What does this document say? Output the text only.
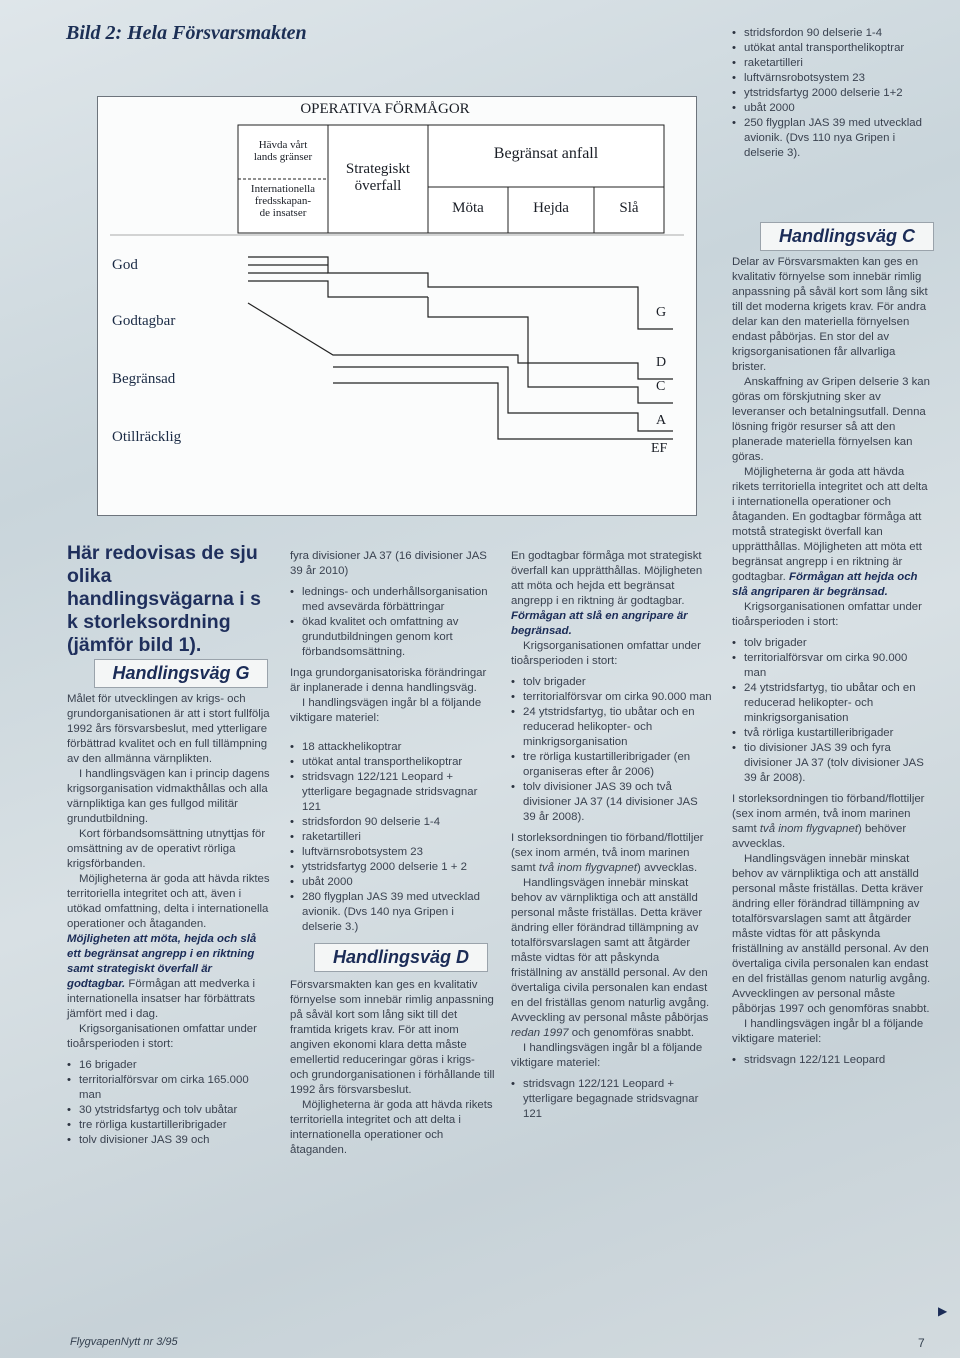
Bild 2: Hela Försvarsmakten
OPERATIVA FÖRMÅGOR
Hävda vårt
lands gränser
Internationella
fredsskapan-
de insatser
Strategiskt
överfall
Begränsat anfall
Möta	Hejda	Slå
God
Godtagbar
Begränsad
Otillräcklig
G
D
C
A
EF
Här redovisas de sju olika handlingsvägarna i s k storleksordning (jämför bild 1).
Handlingsväg G

Målet för utvecklingen av krigs- och grundorganisationen är att i stort fullfölja 1992 års försvarsbeslut, med ytterligare förbättrad kvalitet och en full tillämpning av den allmänna värnplikten.

I handlingsvägen kan i princip dagens krigsorganisation vidmakthållas och alla värnpliktiga kan ges fullgod militär grundutbildning.

Kort förbandsomsättning utnyttjas för omsättning av de operativt rörliga krigsförbanden.

Möjligheterna är goda att hävda riktes territoriella integritet och att, även i utökad omfattning, delta i internationella operationer och åtaganden. Möjligheten att möta, hejda och slå ett begränsat angrepp i en riktning samt strategiskt överfall är godtagbar. Förmågan att medverka i internationella insatser har förbättrats jämfört med i dag.

Krigsorganisationen omfattar under tioårsperioden i stort:

• 16 brigader
• territorialförsvar om cirka 165.000 man
• 30 ytstridsfartyg och tolv ubåtar
• tre rörliga kustartilleribrigader
• tolv divisioner JAS 39 och

fyra divisioner JA 37 (16 divisioner JAS 39 år 2010)

• lednings- och underhållsorganisation med avsevärda förbättringar
• ökad kvalitet och omfattning av grundutbildningen genom kort förbandsomsättning.

Inga grundorganisatoriska förändringar är inplanerade i denna handlingsväg.

I handlingsvägen ingår bl a följande viktigare materiel:

• 18 attackhelikoptrar
• utökat antal transporthelikoptrar
• stridsvagn 122/121 Leopard + ytterligare begagnade stridsvagnar 121
• stridsfordon 90 delserie 1-4
• raketartilleri
• luftvärnsrobotsystem 23
• ytstridsfartyg 2000 delserie 1 + 2
• ubåt 2000
• 280 flygplan JAS 39 med utvecklad avionik. (Dvs 140 nya Gripen i delserie 3.)
Handlingsväg D

Försvarsmakten kan ges en kvalitativ förnyelse som innebär rimlig anpassning på såväl kort som lång sikt till det framtida krigets krav. För att inom angiven ekonomi klara detta måste emellertid reduceringar göras i krigs- och grundorganisationen i förhållande till 1992 års försvarsbeslut.

Möjligheterna är goda att hävda rikets territoriella integritet och att delta i internationella operationer och åtaganden.

En godtagbar förmåga mot strategiskt överfall kan upprätthållas. Möjligheten att möta och hejda ett begränsat angrepp i en riktning är godtagbar. Förmågan att slå en angripare är begränsad.

Krigsorganisationen omfattar under tioårsperioden i stort:

• tolv brigader
• territorialförsvar om cirka 90.000 man
• 24 ytstridsfartyg, tio ubåtar och en reducerad helikopter- och minkrigsorganisation
• tre rörliga kustartilleribrigader (en organiseras efter år 2006)
• tolv divisioner JAS 39 och två divisioner JA 37 (14 divisioner JAS 39 år 2008).

I storleksordningen tio förband/flottiljer (sex inom armén, två inom marinen samt två inom flygvapnet) avvecklas.

Handlingsvägen innebär minskat behov av värnpliktiga och att anställd personal måste friställas. Detta kräver ändring eller förändrad tillämpning av totalförsvarslagen samt att åtgärder måste vidtas för att påskynda friställning av anställd personal. Av den övertaliga civila personalen kan endast en del friställas genom naturlig avgång. Avveckling av personal måste påbörjas redan 1997 och genomföras snabbt.

I handlingsvägen ingår bl a följande viktigare materiel:

• stridsvagn 122/121 Leopard + ytterligare begagnade stridsvagnar 121
• stridsfordon 90 delserie 1-4
• utökat antal transporthelikoptrar
• raketartilleri
• luftvärnsrobotsystem 23
• ytstridsfartyg 2000 delserie 1+2
• ubåt 2000
• 250 flygplan JAS 39 med utvecklad avionik. (Dvs 110 nya Gripen i delserie 3).
Handlingsväg C

Delar av Försvarsmakten kan ges en kvalitativ förnyelse som innebär rimlig anpassning på såväl kort som lång sikt till det moderna krigets krav. För andra delar kan den materiella förnyelsen endast påbörjas. En stor del av krigsorganisationen får allvarliga brister.

Anskaffning av Gripen delserie 3 kan göras om förskjutning sker av leveranser och betalningsutfall. Denna lösning frigör resurser så att den planerade materiella förnyelsen kan göras.

Möjligheterna är goda att hävda rikets territoriella integritet och att delta i internationella operationer och åtaganden. En godtagbar förmåga att motstå strategiskt överfall kan upprätthållas. Möjligheten att möta ett begränsat angrepp i en riktning är godtagbar. Förmågan att hejda och slå angriparen är begränsad.

Krigsorganisationen omfattar under tioårsperioden i stort:

• tolv brigader
• territorialförsvar om cirka 90.000 man
• 24 ytstridsfartyg, tio ubåtar och en reducerad helikopter- och minkrigsorganisation
• två rörliga kustartilleribrigader
• tio divisioner JAS 39 och fyra divisioner JA 37 (tolv divisioner JAS 39 år 2008).

I storleksordningen tio förband/flottiljer (sex inom armén, två inom marinen samt två inom flygvapnet) behöver avvecklas.

Handlingsvägen innebär minskat behov av värnpliktiga och att anställd personal måste friställas. Detta kräver ändring eller förändrad tillämpning av totalförsvarslagen samt att åtgärder måste vidtas för att påskynda friställning av anställd personal. Av den övertaliga civila personalen kan endast en del friställas genom naturlig avgång. Avvecklingen av personal måste påbörjas 1997 och genomföras snabbt.

I handlingsvägen ingår bl a följande viktigare materiel:

• stridsvagn 122/121 Leopard
▶
FlygvapenNytt nr 3/95	7
